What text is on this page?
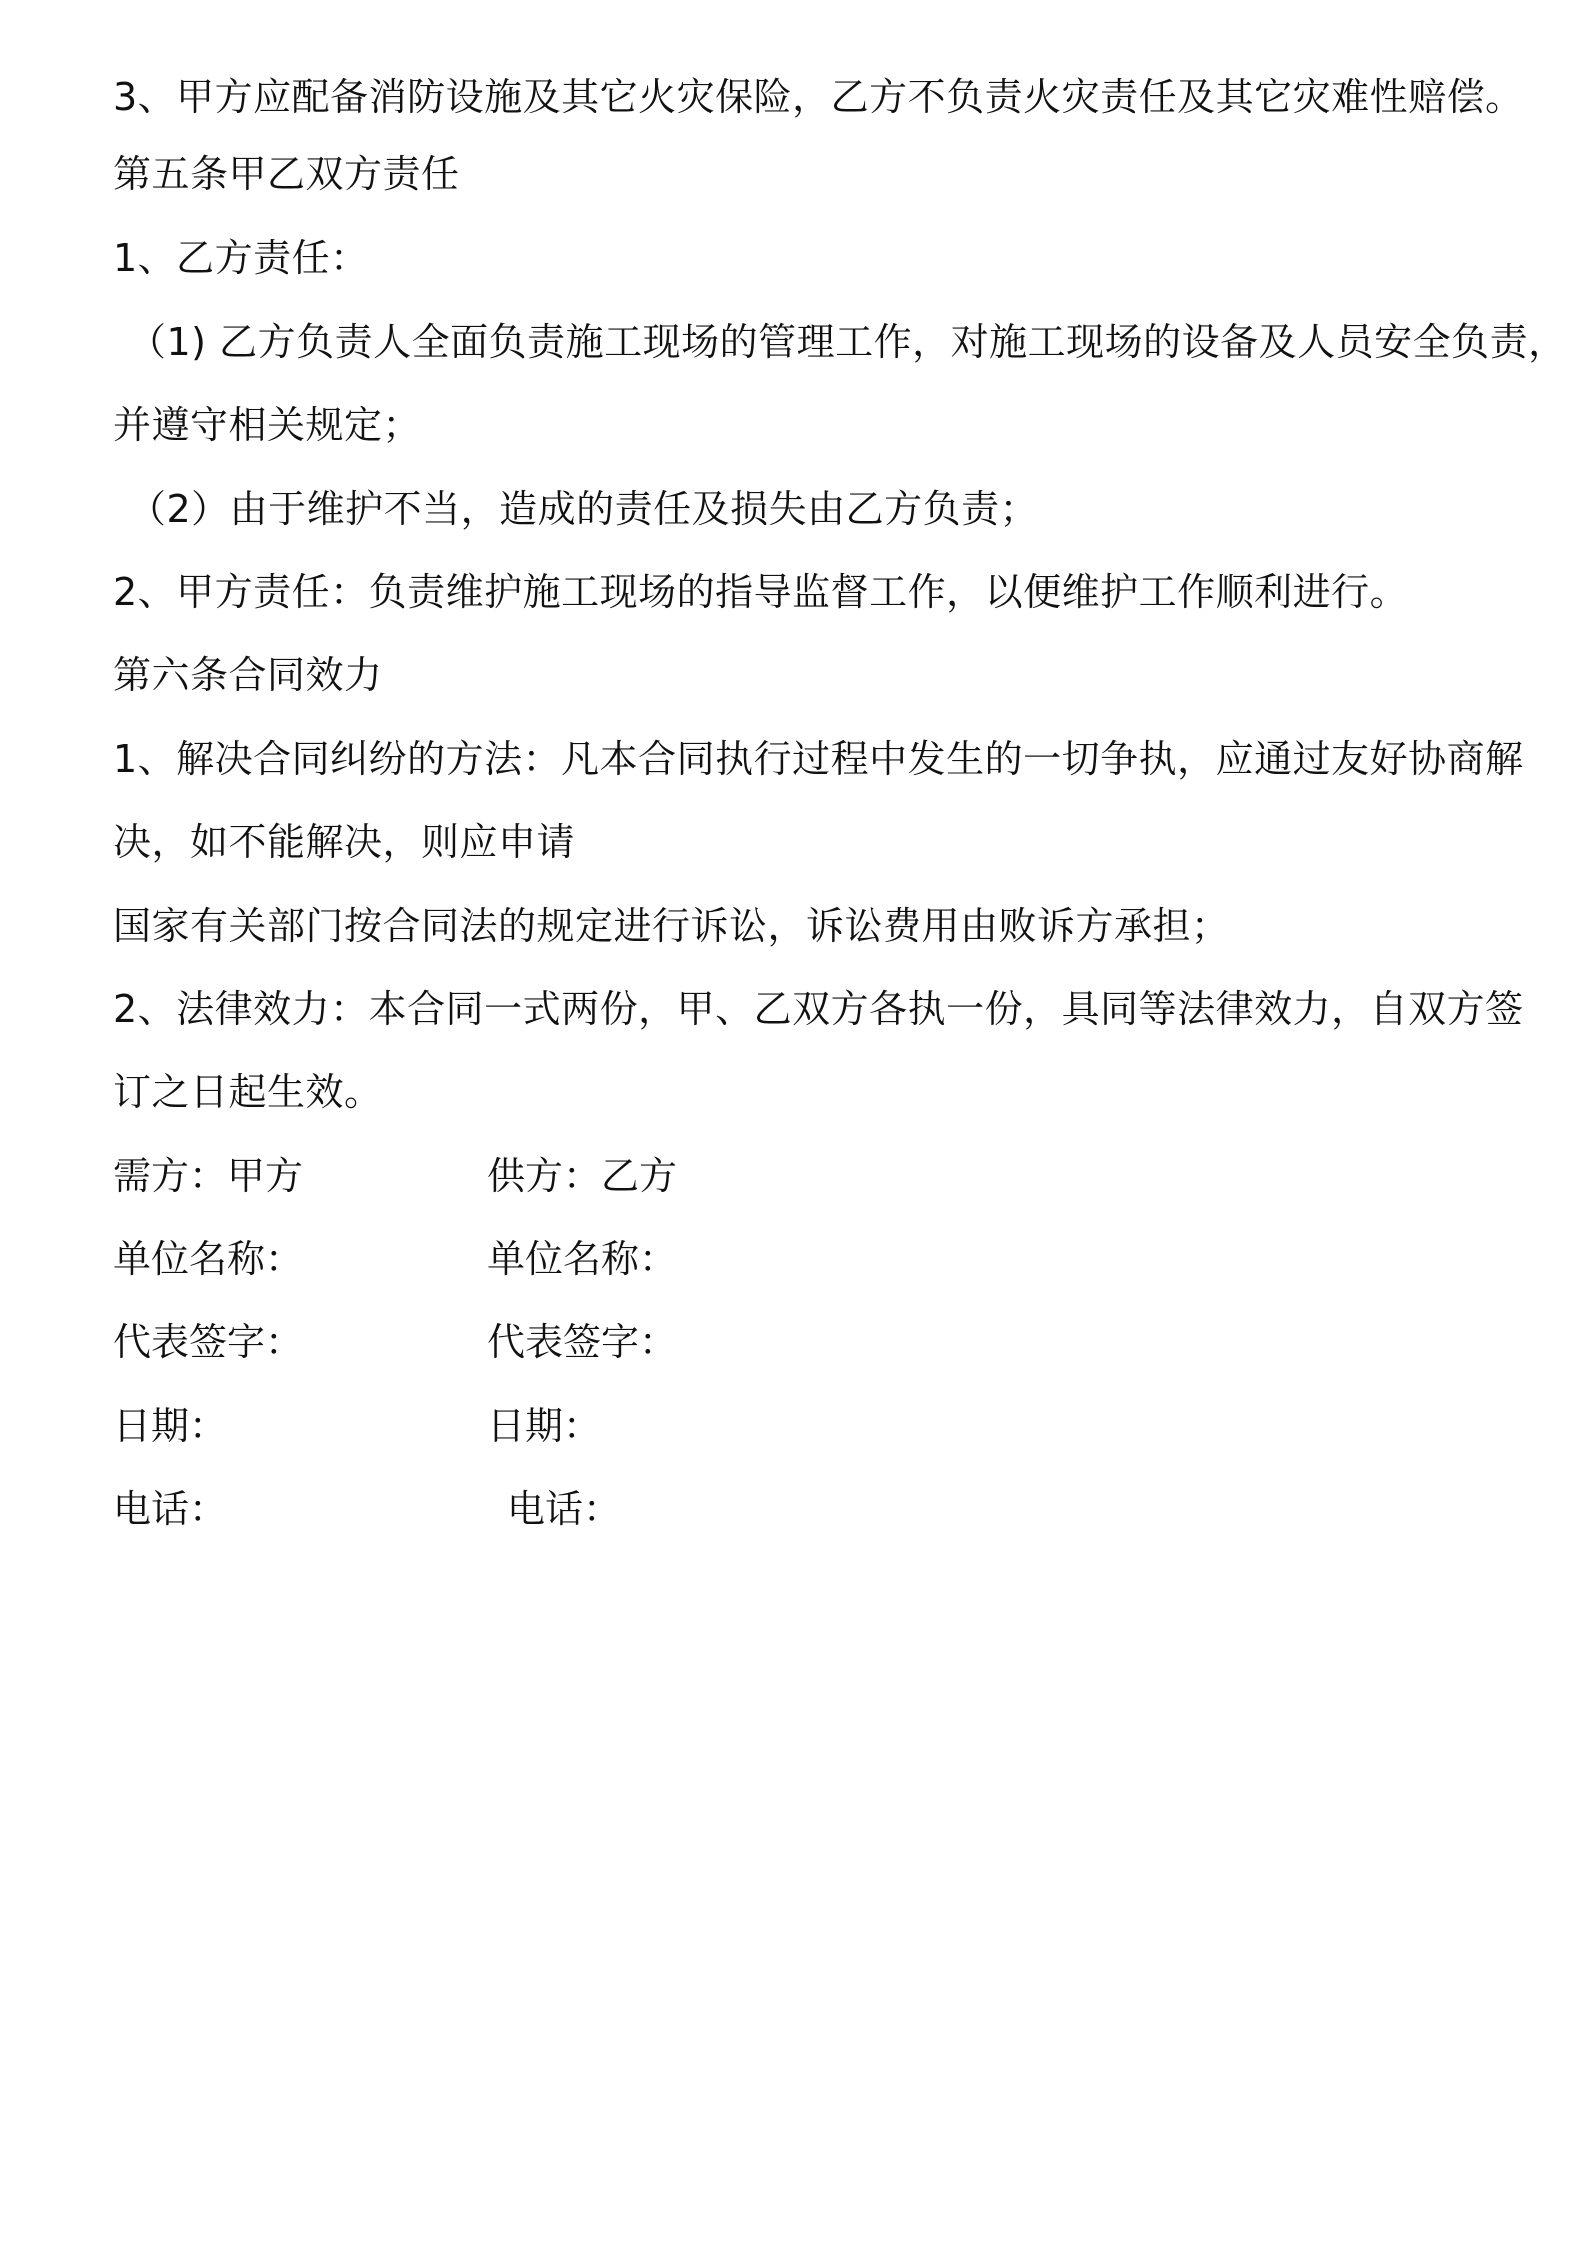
3、甲方应配备消防设施及其它火灾保险，乙方不负责火灾责任及其它灾难性赔偿。
第五条甲乙双方责任
1、乙方责任：
（1) 乙方负责人全面负责施工现场的管理工作，对施工现场的设备及人员安全负责，
并遵守相关规定；
（2）由于维护不当，造成的责任及损失由乙方负责；
2、甲方责任：负责维护施工现场的指导监督工作，以便维护工作顺利进行。
第六条合同效力
1、解决合同纠纷的方法：凡本合同执行过程中发生的一切争执，应通过友好协商解
决，如不能解决，则应申请
国家有关部门按合同法的规定进行诉讼，诉讼费用由败诉方承担；
2、法律效力：本合同一式两份，甲、乙双方各执一份，具同等法律效力，自双方签
订之日起生效。
需方：甲方	供方：乙方
单位名称：	单位名称：
代表签字：	代表签字：
日期：	日期：
电话：	电话：
